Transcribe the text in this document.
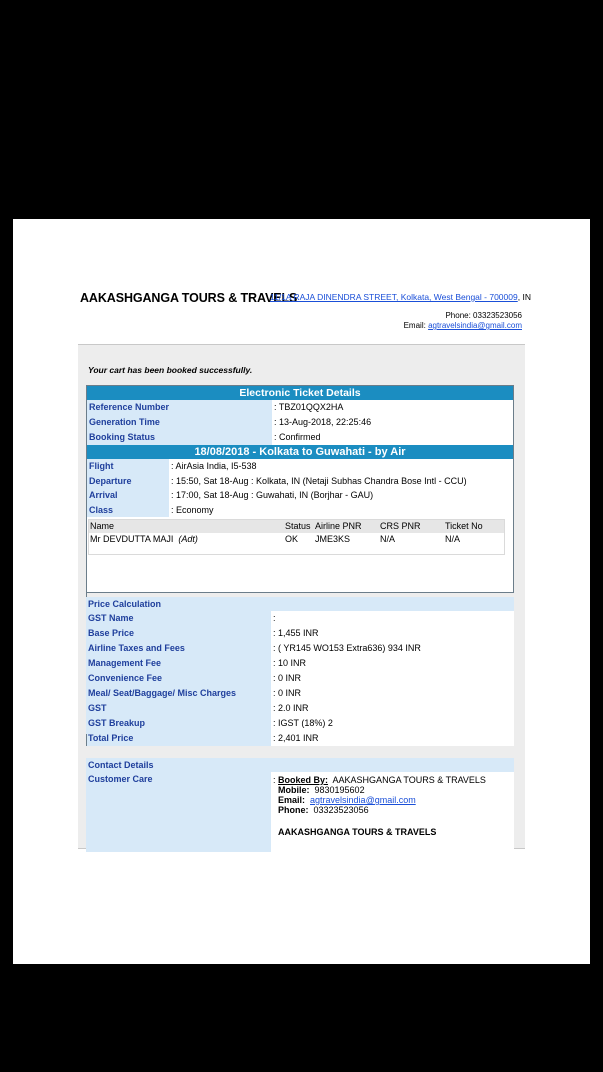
AAKASHGANGA TOURS & TRAVELS
11/1A RAJA DINENDRA STREET, Kolkata, West Bengal - 700009, IN
Phone: 03323523056
Email: agtravelsindia@gmail.com
Your cart has been booked successfully.
Electronic Ticket Details
Reference Number	: TBZ01QQX2HA
Generation Time	: 13-Aug-2018, 22:25:46
Booking Status	: Confirmed
18/08/2018 - Kolkata to Guwahati - by Air
Flight	: AirAsia India, I5-538
Departure	: 15:50, Sat 18-Aug : Kolkata, IN (Netaji Subhas Chandra Bose Intl - CCU)
Arrival	: 17:00, Sat 18-Aug : Guwahati, IN (Borjhar - GAU)
Class	: Economy
Name	Status Airline PNR	CRS PNR	Ticket No
Mr DEVDUTTA MAJI (Adt)	OK	JME3KS	N/A	N/A
Price Calculation
GST Name	:
Base Price	: 1,455 INR
Airline Taxes and Fees	: ( YR145 WO153 Extra636) 934 INR
Management Fee	: 10 INR
Convenience Fee	: 0 INR
Meal/ Seat/Baggage/ Misc Charges	: 0 INR
GST	: 2.0 INR
GST Breakup	: IGST (18%) 2
Total Price	: 2,401 INR
Contact Details
Customer Care	: Booked By: AAKASHGANGA TOURS & TRAVELS
Mobile: 9830195602
Email: agtravelsindia@gmail.com
Phone: 03323523056
AAKASHGANGA TOURS & TRAVELS
